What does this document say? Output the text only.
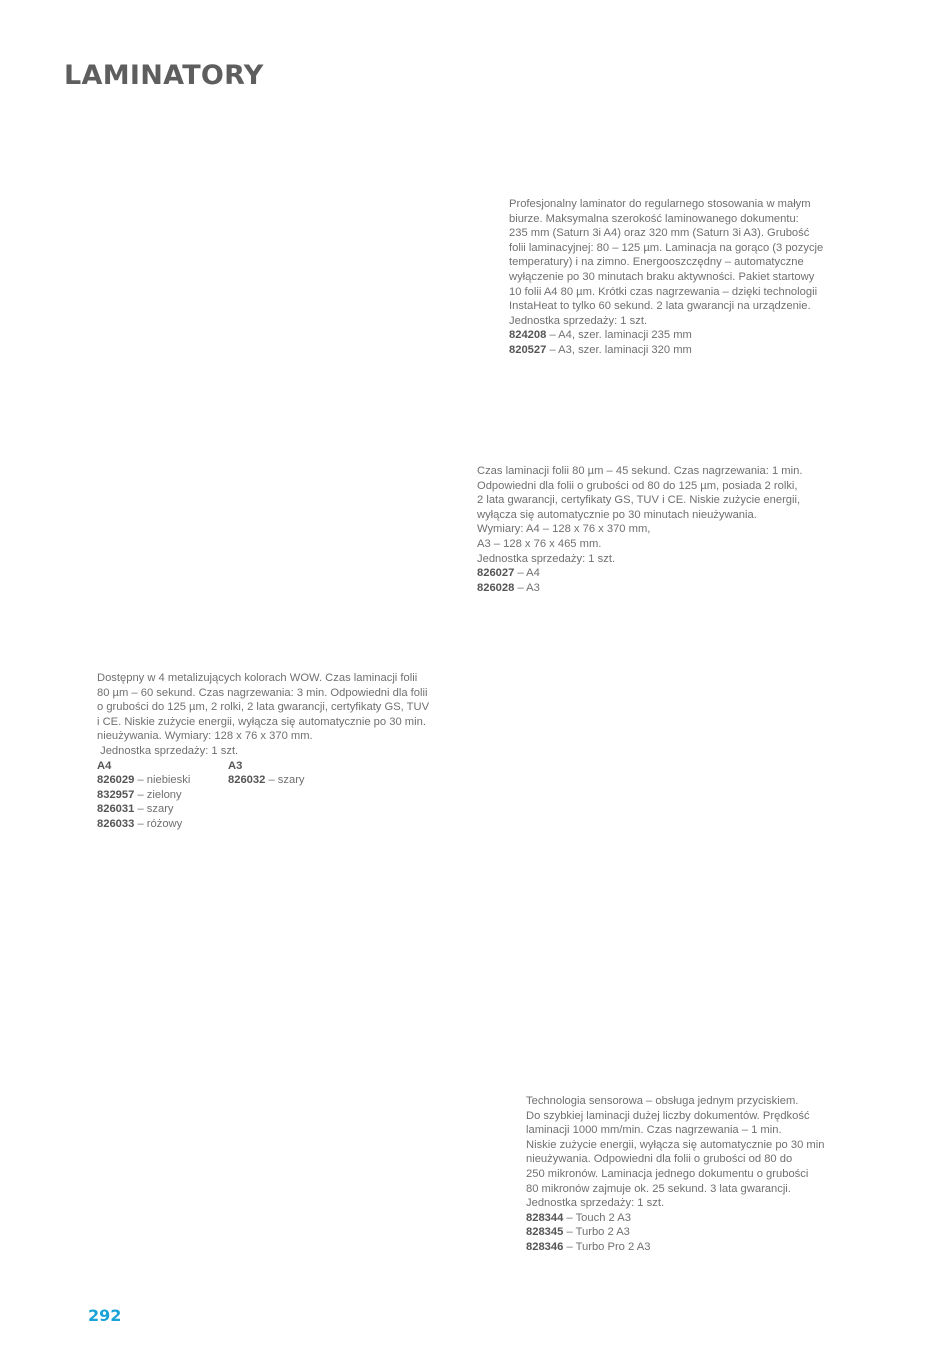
LAMINATORY

Profesjonalny laminator do regularnego stosowania w małym

biurze. Maksymalna szerokość laminowanego dokumentu:

235 mm (Saturn 3i A4) oraz 320 mm (Saturn 3i A3). Grubość

folii laminacyjnej: 80 – 125 µm. Laminacja na gorąco (3 pozycje

temperatury) i na zimno. Energooszczędny – automatyczne

wyłączenie po 30 minutach braku aktywności. Pakiet startowy

10 folii A4 80 µm. Krótki czas nagrzewania – dzięki technologii

InstaHeat to tylko 60 sekund. 2 lata gwarancji na urządzenie.

Jednostka sprzedaży: 1 szt.

824208 – A4, szer. laminacji 235 mm
820527 – A3, szer. laminacji 320 mm

Czas laminacji folii 80 µm – 45 sekund. Czas nagrzewania: 1 min.

Odpowiedni dla folii o grubości od 80 do 125 µm, posiada 2 rolki,

2 lata gwarancji, certyfikaty GS, TUV i CE. Niskie zużycie energii,

wyłącza się automatycznie po 30 minutach nieużywania.

Wymiary: A4 – 128 x 76 x 370 mm,

A3 – 128 x 76 x 465 mm.

Jednostka sprzedaży: 1 szt.

826027 – A4
826028 – A3

Dostępny w 4 metalizujących kolorach WOW. Czas laminacji folii

80 µm – 60 sekund. Czas nagrzewania: 3 min. Odpowiedni dla folii

o grubości do 125 µm, 2 rolki, 2 lata gwarancji, certyfikaty GS, TUV

i CE. Niskie zużycie energii, wyłącza się automatycznie po 30 min.

nieużywania. Wymiary: 128 x 76 x 370 mm.

Jednostka sprzedaży: 1 szt.

A4
826029 – niebieski
832957 – zielony
826031 – szary
826033 – różowy
A3
826032 – szary

Technologia sensorowa – obsługa jednym przyciskiem.

Do szybkiej laminacji dużej liczby dokumentów. Prędkość

laminacji 1000 mm/min. Czas nagrzewania – 1 min.

Niskie zużycie energii, wyłącza się automatycznie po 30 min

nieużywania. Odpowiedni dla folii o grubości od 80 do

250 mikronów. Laminacja jednego dokumentu o grubości

80 mikronów zajmuje ok. 25 sekund. 3 lata gwarancji.

Jednostka sprzedaży: 1 szt.

828344 – Touch 2 A3
828345 – Turbo 2 A3
828346 – Turbo Pro 2 A3
292
